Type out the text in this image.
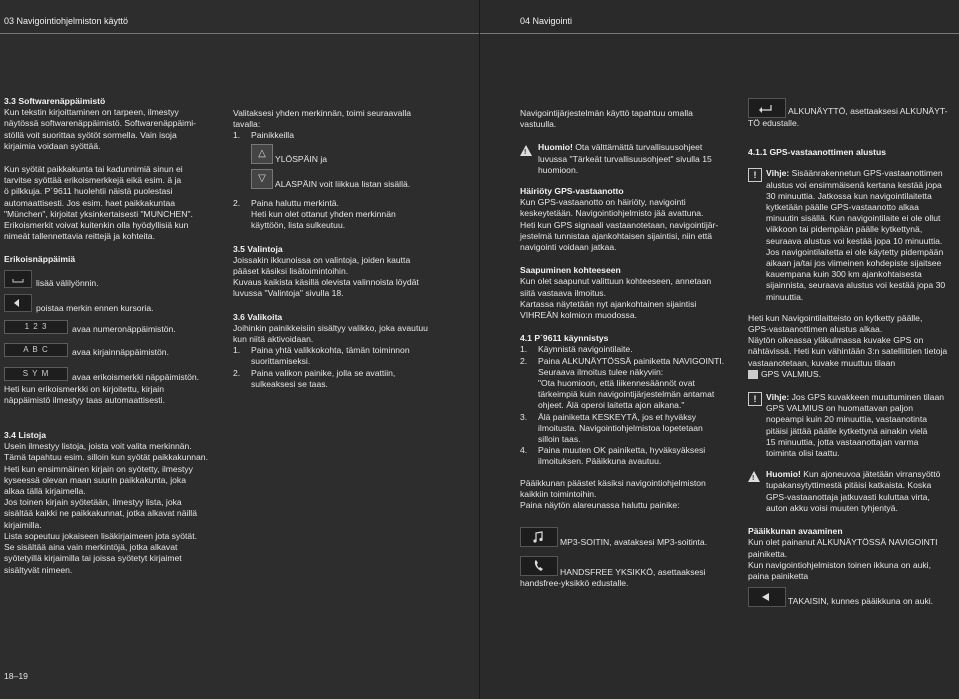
03 Navigointiohjelmiston käyttö
3.3 Softwarenäppäimistö
Kun tekstin kirjoittaminen on tarpeen, ilmestyy
näytössä softwarenäppäimistö. Softwarenäppäimi-
stöllä voit suorittaa syötöt sormella. Vain isoja
kirjaimia voidaan syöttää.
Kun syötät paikkakunta tai kadunnimiä sinun ei
tarvitse syöttää erikoismerkkejä eikä esim. ä ja
ö pilkkuja. P´9611 huolehtii näistä puolestasi
automaattisesti. Jos esim. haet paikkakuntaa
"München", kirjoitat yksinkertaisesti "MUNCHEN".
Erikoismerkit voivat kuitenkin olla hyödyllisiä kun
nimeät tallennettavia reittejä ja kohteita.
Erikoisnäppäimiä
lisää välilyönnin.
poistaa merkin ennen kursoria.
1 2 3	avaa numeronäppäimistön.
A B C	avaa kirjainnäppäimistön.
S Y M	avaa erikoismerkki näppäimistön.
Heti kun erikoismerkki on kirjoitettu, kirjain
näppäimistö ilmestyy taas automaattisesti.
3.4 Listoja
Usein ilmestyy listoja, joista voit valita merkinnän.
Tämä tapahtuu esim. silloin kun syötät paikkakunnan.
Heti kun ensimmäinen kirjain on syötetty, ilmestyy
kyseessä olevan maan suurin paikkakunta, joka
alkaa tällä kirjaimella.
Jos toinen kirjain syötetään, ilmestyy lista, joka
sisältää kaikki ne paikkakunnat, jotka alkavat näillä
kirjaimilla.
Lista sopeutuu jokaiseen lisäkirjaimeen jota syötät.
Se sisältää aina vain merkintöjä, jotka alkavat
syötetyillä kirjaimilla tai joissa syötetyt kirjaimet
sisältyvät nimeen.
Valitaksesi yhden merkinnän, toimi seuraavalla
tavalla:
1.	Painikkeilla
△	YLÖSPÄIN ja
▽	ALASPÄIN voit liikkua listan sisällä.
2.	Paina haluttu merkintä.
Heti kun olet ottanut yhden merkinnän
käyttöön, lista sulkeutuu.
3.5 Valintoja
Joissakin ikkunoissa on valintoja, joiden kautta
pääset käsiksi lisätoimintoihin.
Kuvaus kaikista käsillä olevista valinnoista löydät
luvussa "Valintoja" sivulla 18.
3.6 Valikoita
Joihinkin painikkeisiin sisältyy valikko, joka avautuu
kun niitä aktivoidaan.
1.	Paina yhtä valikkokohta, tämän toiminnon
suorittamiseksi.
2.	Paina valikon painike, jolla se avattiin,
sulkeaksesi se taas.
18–19
04 Navigointi
Navigointijärjestelmän käyttö tapahtuu omalla
vastuulla.
! Huomio! Ota välttämättä turvallisuusohjeet
luvussa "Tärkeät turvallisuusohjeet" sivulla 15
huomioon.
Häiriöty GPS-vastaanotto
Kun GPS-vastaanotto on häiriöty, navigointi
keskeytetään. Navigointiohjelmisto jää avattuna.
Heti kun GPS signaali vastaanotetaan, navigointijär-
jestelmä tunnistaa ajankohtaisen sijaintisi, niin että
navigointi voidaan jatkaa.
Saapuminen kohteeseen
Kun olet saapunut valittuun kohteeseen, annetaan
siitä vastaava ilmoitus.
Kartassa näytetään nyt ajankohtainen sijaintisi
VIHREÄN kolmio:n muodossa.
4.1 P´9611 käynnistys
1.	Käynnistä navigointilaite.
2.	Paina ALKUNÄYTÖSSÄ painiketta NAVIGOINTI.
Seuraava ilmoitus tulee näkyviin:
"Ota huomioon, että liikennesäännöt ovat
tärkeimpiä kuin navigointijärjestelmän antamat
ohjeet. Älä operoi laitetta ajon aikana."
3.	Älä painiketta KESKEYTÄ, jos et hyväksy
ilmoitusta. Navigointiohjelmistoa lopetetaan
silloin taas.
4.	Paina muuten OK painiketta, hyväksyäksesi
ilmoituksen. Pääikkuna avautuu.
Pääikkunan päästet käsiksi navigointiohjelmiston
kaikkiin toimintoihin.
Paina näytön alareunassa haluttu painike:
MP3-SOITIN, avataksesi MP3-soitinta.
HANDSFREE YKSIKKÖ, asettaaksesi
handsfree-yksikkö edustalle.
ALKUNÄYTTÖ, asettaaksesi ALKUNÄYT-
TÖ edustalle.
4.1.1 GPS-vastaanottimen alustus
!	Vihje: Sisäänrakennetun GPS-vastaanottimen
alustus voi ensimmäisenä kertana kestää jopa
30 minuuttia. Jatkossa kun navigointilaitetta
kytketään päälle GPS-vastaanotto alkaa
minuutin sisällä. Kun navigointilaite ei ole ollut
viikkoon tai pidempään päälle kytkettynä,
seuraava alustus voi kestää jopa 10 minuuttia.
Jos navigointilaitetta ei ole käytetty pidempään
aikaan ja/tai jos viimeinen kohdepiste sijaitsee
kauempana kuin 300 km ajankohtaisesta
sijainnista, seuraava alustus voi kestää jopa 30
minuuttia.
Heti kun Navigointilaitteisto on kytketty päälle,
GPS-vastaanottimen alustus alkaa.
Näytön oikeassa yläkulmassa kuvake GPS on
nähtävissä. Heti kun vähintään 3:n satelliittien tietoja
vastaanotetaan, kuvake muuttuu tilaan
GPS VALMIUS.
!	Vihje: Jos GPS kuvakkeen muuttuminen tilaan
GPS VALMIUS on huomattavan paljon
nopeampi kuin 20 minuuttia, vastaanotinta
pitäisi jättää päälle kytkettynä ainakin vielä
15 minuuttia, jotta vastaanottajan varma
toiminta olisi taattu.
! Huomio! Kun ajoneuvoa jätetään virransyöttö
tupakansytyttimestä pitäisi katkaista. Koska
GPS-vastaanottaja jatkuvasti kuluttaa virta,
auton akku voisi muuten tyhjentyä.
Pääikkunan avaaminen
Kun olet painanut ALKUNÄYTÖSSÄ NAVIGOINTI painiketta.
Kun navigointiohjelmiston toinen ikkuna on auki,
paina painiketta
TAKAISIN, kunnes pääikkuna on auki.
